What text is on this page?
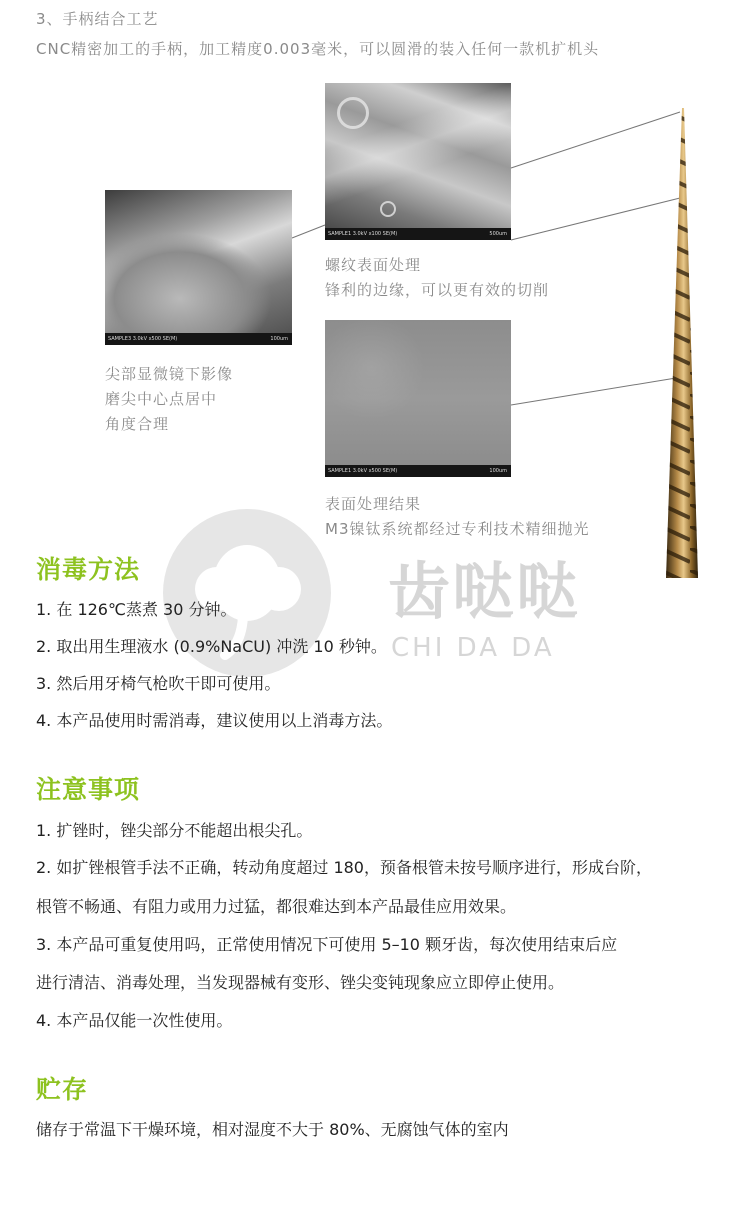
3、手柄结合工艺
CNC精密加工的手柄，加工精度0.003毫米，可以圆滑的装入任何一款机扩机头
SAMPLE3 3.0kV x500 SE(M)	100um
尖部显微镜下影像
磨尖中心点居中
角度合理
SAMPLE1 3.0kV x100 SE(M)	500um
螺纹表面处理
锋利的边缘，可以更有效的切削
SAMPLE1 3.0kV x500 SE(M)	100um
表面处理结果
M3镍钛系统都经过专利技术精细抛光
齿哒哒
CHI DA DA
消毒方法
1. 在 126℃蒸煮 30 分钟。
2. 取出用生理液水 (0.9%NaCU) 冲洗 10 秒钟。
3. 然后用牙椅气枪吹干即可使用。
4. 本产品使用时需消毒，建议使用以上消毒方法。
注意事项
1. 扩锉时，锉尖部分不能超出根尖孔。
2. 如扩锉根管手法不正确，转动角度超过 180，预备根管未按号顺序进行，形成台阶，
根管不畅通、有阻力或用力过猛，都很难达到本产品最佳应用效果。
3. 本产品可重复使用吗，正常使用情况下可使用 5–10 颗牙齿，每次使用结束后应
进行清洁、消毒处理，当发现器械有变形、锉尖变钝现象应立即停止使用。
4. 本产品仅能一次性使用。
贮存
储存于常温下干燥环境，相对湿度不大于 80%、无腐蚀气体的室内
